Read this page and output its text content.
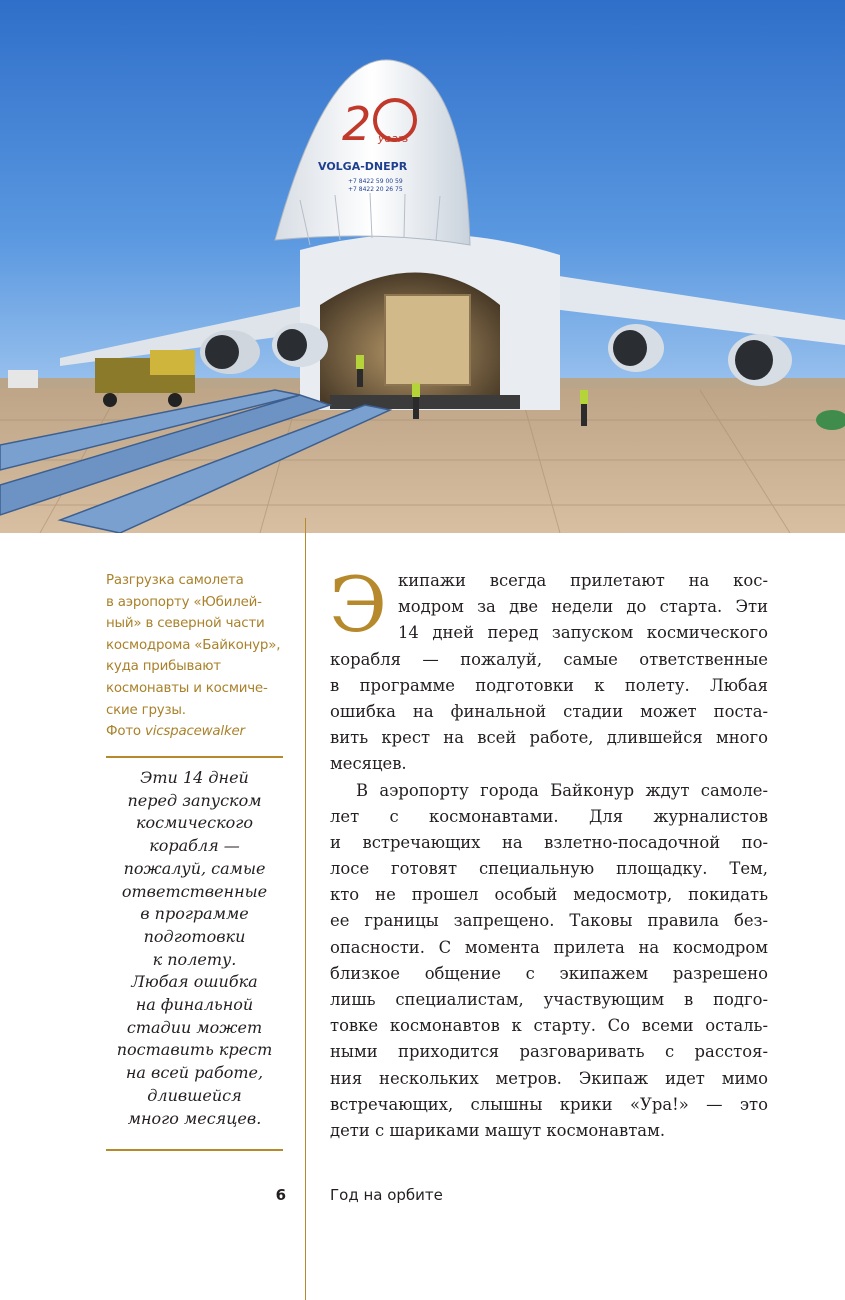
2 years
VOLGA-DNEPR
+7 8422 59 00 59
+7 8422 20 26 75
Разгрузка самолета
в аэропорту «Юбилей-
ный» в северной части
космодрома «Байконур»,
куда прибывают
космонавты и космиче-
ские грузы.
Фото vicspacewalker
Эти 14 дней
перед запуском
космического
корабля —
пожалуй, самые
ответственные
в программе
подготовки
к полету.
Любая ошибка
на финальной
стадии может
поставить крест
на всей работе,
длившейся
много месяцев.
6
Э кипажи всегда прилетают на кос-
модром за две недели до старта. Эти
14 дней перед запуском космического
корабля — пожалуй, самые ответственные
в программе подготовки к полету. Любая
ошибка на финальной стадии может поста-
вить крест на всей работе, длившейся много
месяцев.
В аэропорту города Байконур ждут самоле-
лет с космонавтами. Для журналистов
и встречающих на взлетно-посадочной по-
лосе готовят специальную площадку. Тем,
кто не прошел особый медосмотр, покидать
ее границы запрещено. Таковы правила без-
опасности. С момента прилета на космодром
близкое общение с экипажем разрешено
лишь специалистам, участвующим в подго-
товке космонавтов к старту. Со всеми осталь-
ными приходится разговаривать с расстоя-
ния нескольких метров. Экипаж идет мимо
встречающих, слышны крики «Ура!» — это
дети с шариками машут космонавтам.
Год на орбите
